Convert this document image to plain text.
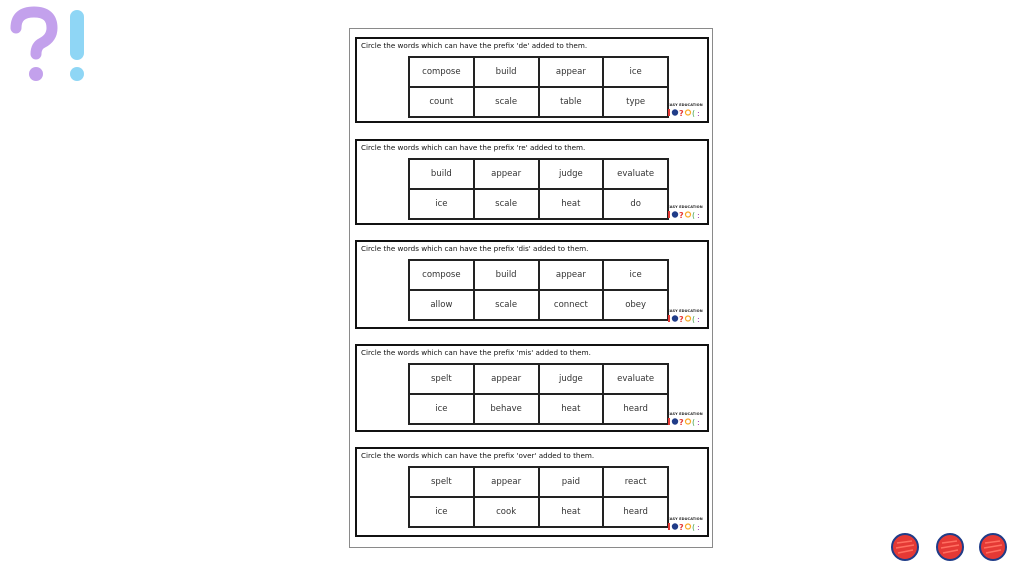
Circle the words which can have the prefix 'de' added to them.
compose	build	appear	ice
count	scale	table	type	EASY EDUCATION
? ( :
Circle the words which can have the prefix 're' added to them.
build	appear	judge	evaluate
ice	scale	heat	do	EASY EDUCATION
? ( :
Circle the words which can have the prefix 'dis' added to them.
compose	build	appear	ice
allow	scale	connect	obey
EASY EDUCATION
? ( :
Circle the words which can have the prefix 'mis' added to them.
spelt	appear	judge	evaluate
ice	behave	heat	heard	EASY EDUCATION
? ( :
Circle the words which can have the prefix 'over' added to them.
spelt	appear	paid	react
ice	cook	heat	heard
EASY EDUCATION
? ( :
